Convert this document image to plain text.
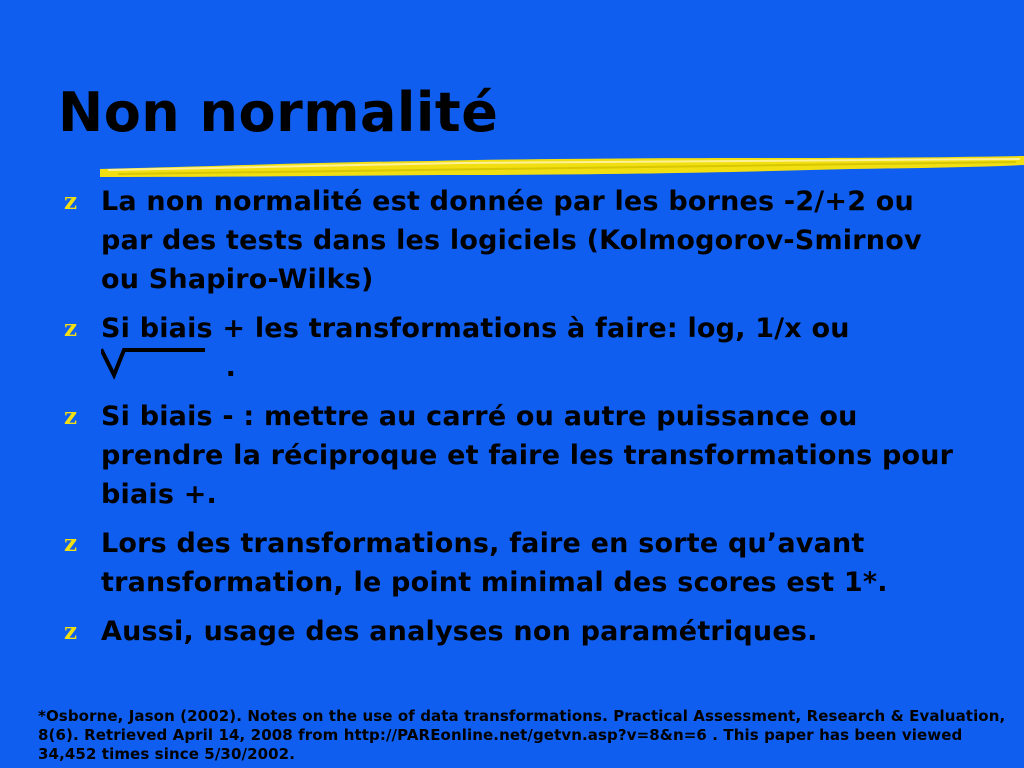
Non normalité
z La non normalité est donnée par les bornes -2/+2 ou par des tests dans les logiciels (Kolmogorov-Smirnov ou Shapiro-Wilks)
z Si biais + les transformations à faire: log, 1/x ou
.
z Si biais - : mettre au carré ou autre puissance ou prendre la réciproque et faire les transformations pour biais +.
z Lors des transformations, faire en sorte qu’avant transformation, le point minimal des scores est 1*.
z Aussi, usage des analyses non paramétriques.

*Osborne, Jason (2002). Notes on the use of data transformations. Practical Assessment, Research & Evaluation, 8(6). Retrieved April 14, 2008 from http://PAREonline.net/getvn.asp?v=8&n=6 . This paper has been viewed 34,452 times since 5/30/2002.
